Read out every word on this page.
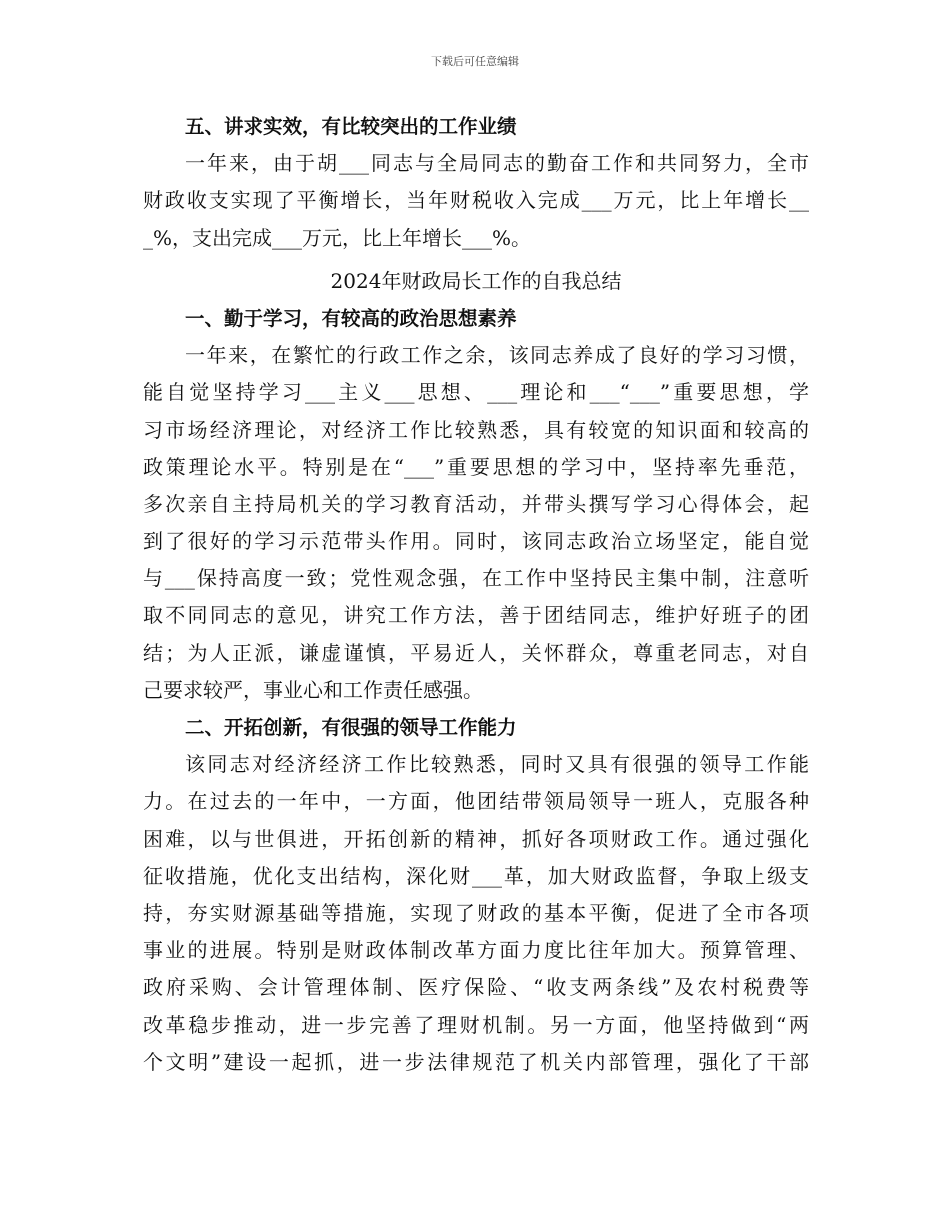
下载后可任意编辑
五、讲求实效，有比较突出的工作业绩
一年来，由于胡___同志与全局同志的勤奋工作和共同努力，全市
财政收支实现了平衡增长，当年财税收入完成___万元，比上年增长__
_%，支出完成___万元，比上年增长___%。
2024年财政局长工作的自我总结
一、勤于学习，有较高的政治思想素养
一年来，在繁忙的行政工作之余，该同志养成了良好的学习习惯，
能自觉坚持学习___主义___思想、___理论和___“___”重要思想，学
习市场经济理论，对经济工作比较熟悉，具有较宽的知识面和较高的
政策理论水平。特别是在“___”重要思想的学习中，坚持率先垂范，
多次亲自主持局机关的学习教育活动，并带头撰写学习心得体会，起
到了很好的学习示范带头作用。同时，该同志政治立场坚定，能自觉
与___保持高度一致；党性观念强，在工作中坚持民主集中制，注意听
取不同同志的意见，讲究工作方法，善于团结同志，维护好班子的团
结；为人正派，谦虚谨慎，平易近人，关怀群众，尊重老同志，对自
己要求较严，事业心和工作责任感强。
二、开拓创新，有很强的领导工作能力
该同志对经济经济工作比较熟悉，同时又具有很强的领导工作能
力。在过去的一年中，一方面，他团结带领局领导一班人，克服各种
困难，以与世俱进，开拓创新的精神，抓好各项财政工作。通过强化
征收措施，优化支出结构，深化财___革，加大财政监督，争取上级支
持，夯实财源基础等措施，实现了财政的基本平衡，促进了全市各项
事业的进展。特别是财政体制改革方面力度比往年加大。预算管理、
政府采购、会计管理体制、医疗保险、“收支两条线”及农村税费等
改革稳步推动，进一步完善了理财机制。另一方面，他坚持做到“两
个文明”建设一起抓，进一步法律规范了机关内部管理，强化了干部
